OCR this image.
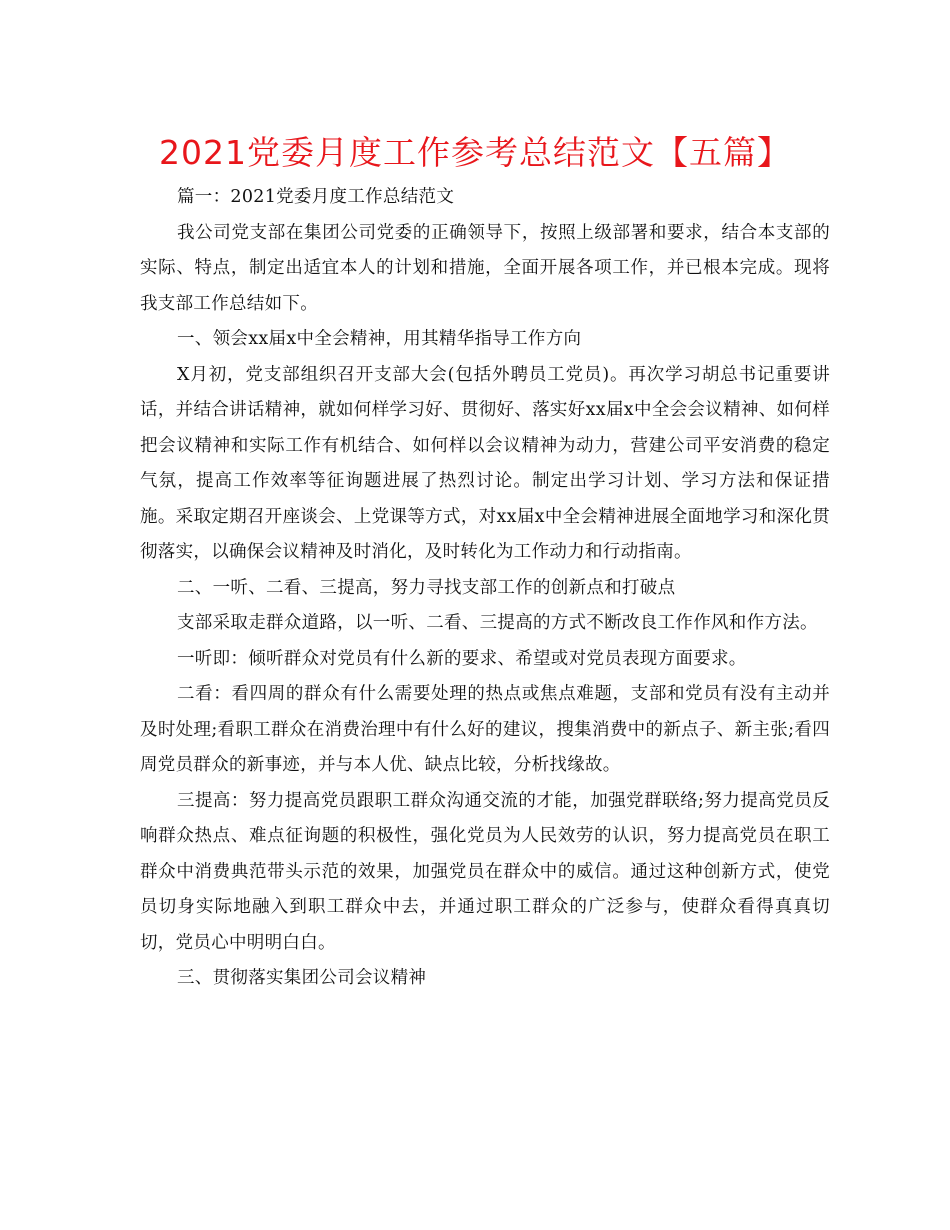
2021党委月度工作参考总结范文【五篇】

篇一：2021党委月度工作总结范文

我公司党支部在集团公司党委的正确领导下，按照上级部署和要求，结合本支部的实际、特点，制定出适宜本人的计划和措施，全面开展各项工作，并已根本完成。现将我支部工作总结如下。

一、领会xx届x中全会精神，用其精华指导工作方向

X月初，党支部组织召开支部大会(包括外聘员工党员)。再次学习胡总书记重要讲话，并结合讲话精神，就如何样学习好、贯彻好、落实好xx届x中全会会议精神、如何样把会议精神和实际工作有机结合、如何样以会议精神为动力，营建公司平安消费的稳定气氛，提高工作效率等征询题进展了热烈讨论。制定出学习计划、学习方法和保证措施。采取定期召开座谈会、上党课等方式，对xx届x中全会精神进展全面地学习和深化贯彻落实，以确保会议精神及时消化，及时转化为工作动力和行动指南。

二、一听、二看、三提高，努力寻找支部工作的创新点和打破点

支部采取走群众道路，以一听、二看、三提高的方式不断改良工作作风和作方法。

一听即：倾听群众对党员有什么新的要求、希望或对党员表现方面要求。

二看：看四周的群众有什么需要处理的热点或焦点难题，支部和党员有没有主动并及时处理;看职工群众在消费治理中有什么好的建议，搜集消费中的新点子、新主张;看四周党员群众的新事迹，并与本人优、缺点比较，分析找缘故。

三提高：努力提高党员跟职工群众沟通交流的才能，加强党群联络;努力提高党员反响群众热点、难点征询题的积极性，强化党员为人民效劳的认识，努力提高党员在职工群众中消费典范带头示范的效果，加强党员在群众中的威信。通过这种创新方式，使党员切身实际地融入到职工群众中去，并通过职工群众的广泛参与，使群众看得真真切切，党员心中明明白白。

三、贯彻落实集团公司会议精神
